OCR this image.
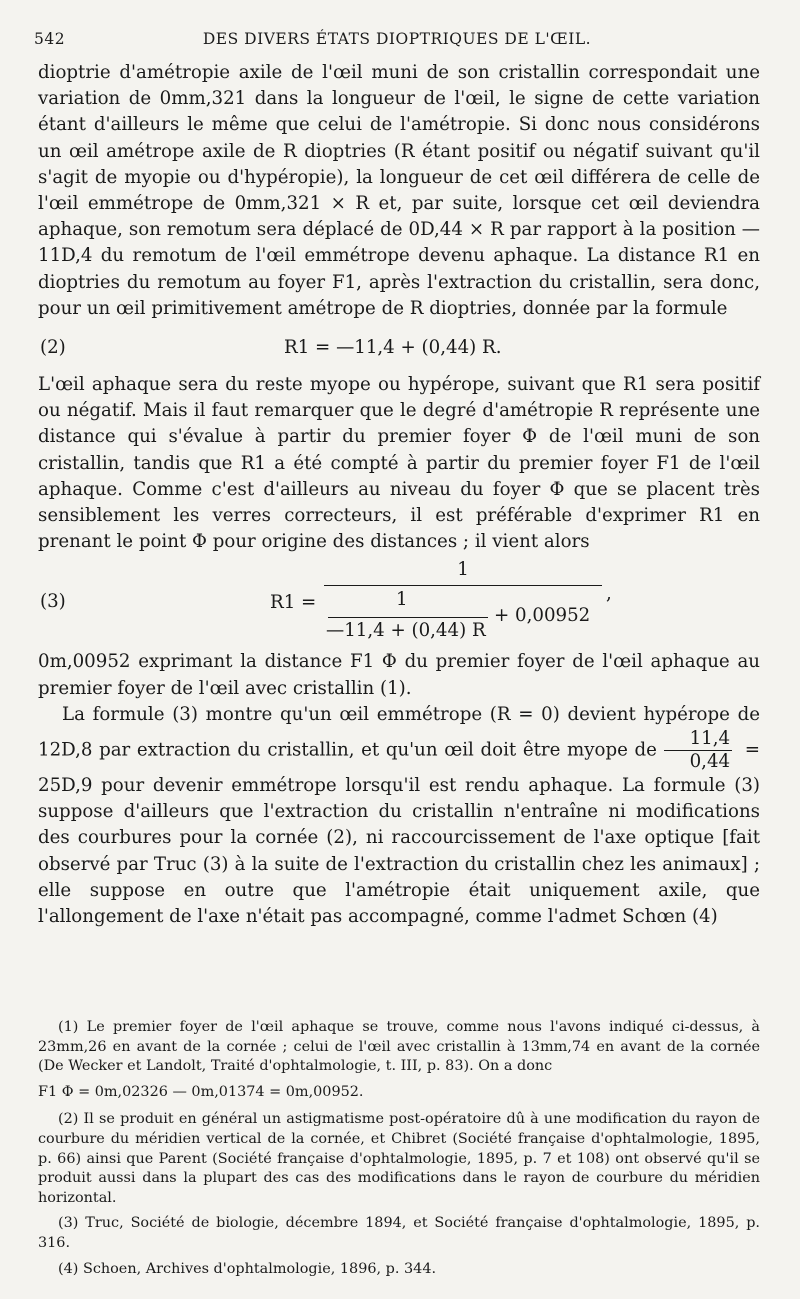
542	DES DIVERS ÉTATS DIOPTRIQUES DE L'ŒIL.

dioptrie d'amétropie axile de l'œil muni de son cristallin correspondait une variation de 0mm,321 dans la longueur de l'œil, le signe de cette variation étant d'ailleurs le même que celui de l'amétropie. Si donc nous considérons un œil amétrope axile de R dioptries (R étant positif ou négatif suivant qu'il s'agit de myopie ou d'hypéropie), la longueur de cet œil différera de celle de l'œil emmétrope de 0mm,321 × R et, par suite, lorsque cet œil deviendra aphaque, son remotum sera déplacé de 0D,44 × R par rapport à la position —11D,4 du remotum de l'œil emmétrope devenu aphaque. La distance R1 en dioptries du remotum au foyer F1, après l'extraction du cristallin, sera donc, pour un œil primitivement amétrope de R dioptries, donnée par la formule

(2)	R1 = —11,4 + (0,44) R.

L'œil aphaque sera du reste myope ou hypérope, suivant que R1 sera positif ou négatif. Mais il faut remarquer que le degré d'amétropie R représente une distance qui s'évalue à partir du premier foyer Φ de l'œil muni de son cristallin, tandis que R1 a été compté à partir du premier foyer F1 de l'œil aphaque. Comme c'est d'ailleurs au niveau du foyer Φ que se placent très sensiblement les verres correcteurs, il est préférable d'exprimer R1 en prenant le point Φ pour origine des distances ; il vient alors

(3)	R1 =
1
,
1
—11,4 + (0,44) R
+ 0,00952

0m,00952 exprimant la distance F1 Φ du premier foyer de l'œil aphaque au premier foyer de l'œil avec cristallin (1).

La formule (3) montre qu'un œil emmétrope (R = 0) devient hypérope de 12D,8 par extraction du cristallin, et qu'un œil doit être myope de $\frac{11,4}{0,44} = 25D,9$ pour devenir emmétrope lorsqu'il est rendu aphaque. La formule (3) suppose d'ailleurs que l'extraction du cristallin n'entraîne ni modifications des courbures pour la cornée (2), ni raccourcissement de l'axe optique [fait observé par Truc (3) à la suite de l'extraction du cristallin chez les animaux] ; elle suppose en outre que l'amétropie était uniquement axile, que l'allongement de l'axe n'était pas accompagné, comme l'admet Schœn (4)

(1) Le premier foyer de l'œil aphaque se trouve, comme nous l'avons indiqué ci-dessus, à 23mm,26 en avant de la cornée ; celui de l'œil avec cristallin à 13mm,74 en avant de la cornée (De Wecker et Landolt, Traité d'ophtalmologie, t. III, p. 83). On a donc

F1 Φ = 0m,02326 — 0m,01374 = 0m,00952.

(2) Il se produit en général un astigmatisme post-opératoire dû à une modification du rayon de courbure du méridien vertical de la cornée, et Chibret (Société française d'ophtalmologie, 1895, p. 66) ainsi que Parent (Société française d'ophtalmologie, 1895, p. 7 et 108) ont observé qu'il se produit aussi dans la plupart des cas des modifications dans le rayon de courbure du méridien horizontal.

(3) Truc, Société de biologie, décembre 1894, et Société française d'ophtalmologie, 1895, p. 316.

(4) Schoen, Archives d'ophtalmologie, 1896, p. 344.
